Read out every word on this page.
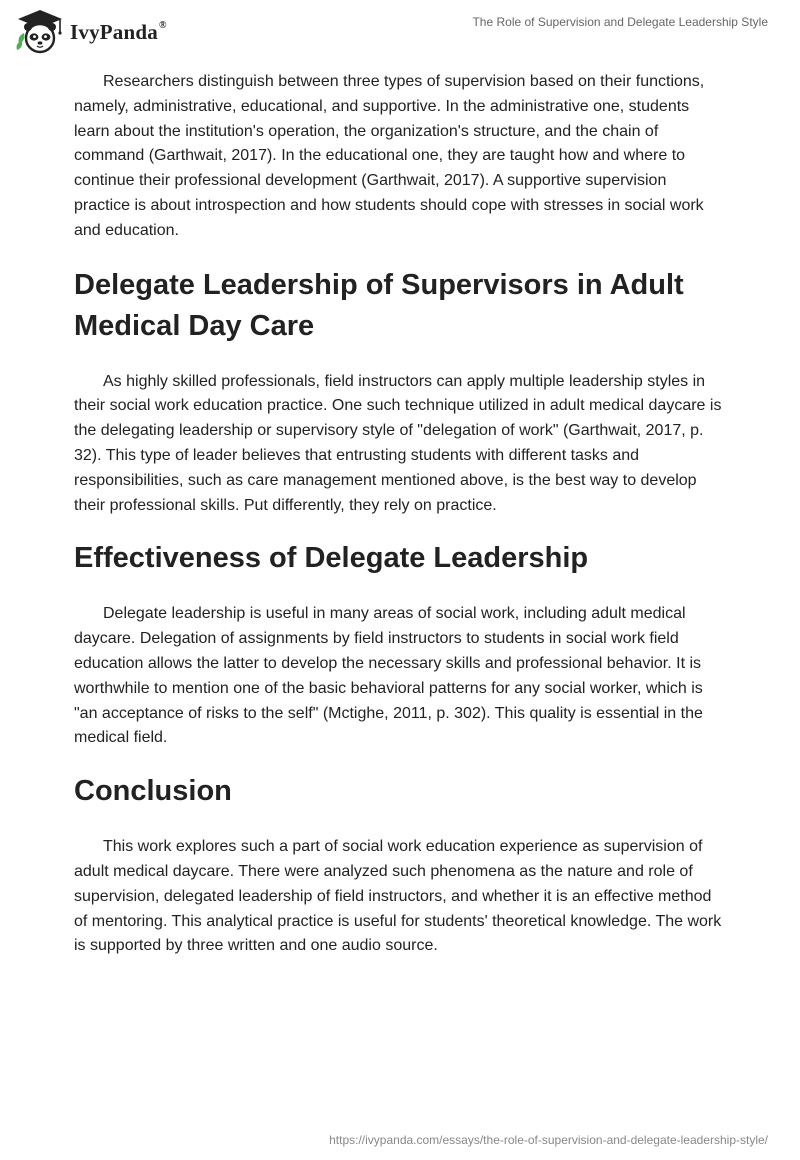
IvyPanda®	The Role of Supervision and Delegate Leadership Style

Researchers distinguish between three types of supervision based on their functions, namely, administrative, educational, and supportive. In the administrative one, students learn about the institution's operation, the organization's structure, and the chain of command (Garthwait, 2017). In the educational one, they are taught how and where to continue their professional development (Garthwait, 2017). A supportive supervision practice is about introspection and how students should cope with stresses in social work and education.

Delegate Leadership of Supervisors in Adult Medical Day Care

As highly skilled professionals, field instructors can apply multiple leadership styles in their social work education practice. One such technique utilized in adult medical daycare is the delegating leadership or supervisory style of "delegation of work" (Garthwait, 2017, p. 32). This type of leader believes that entrusting students with different tasks and responsibilities, such as care management mentioned above, is the best way to develop their professional skills. Put differently, they rely on practice.

Effectiveness of Delegate Leadership

Delegate leadership is useful in many areas of social work, including adult medical daycare. Delegation of assignments by field instructors to students in social work field education allows the latter to develop the necessary skills and professional behavior. It is worthwhile to mention one of the basic behavioral patterns for any social worker, which is "an acceptance of risks to the self" (Mctighe, 2011, p. 302). This quality is essential in the medical field.

Conclusion

This work explores such a part of social work education experience as supervision of adult medical daycare. There were analyzed such phenomena as the nature and role of supervision, delegated leadership of field instructors, and whether it is an effective method of mentoring. This analytical practice is useful for students' theoretical knowledge. The work is supported by three written and one audio source.

https://ivypanda.com/essays/the-role-of-supervision-and-delegate-leadership-style/
